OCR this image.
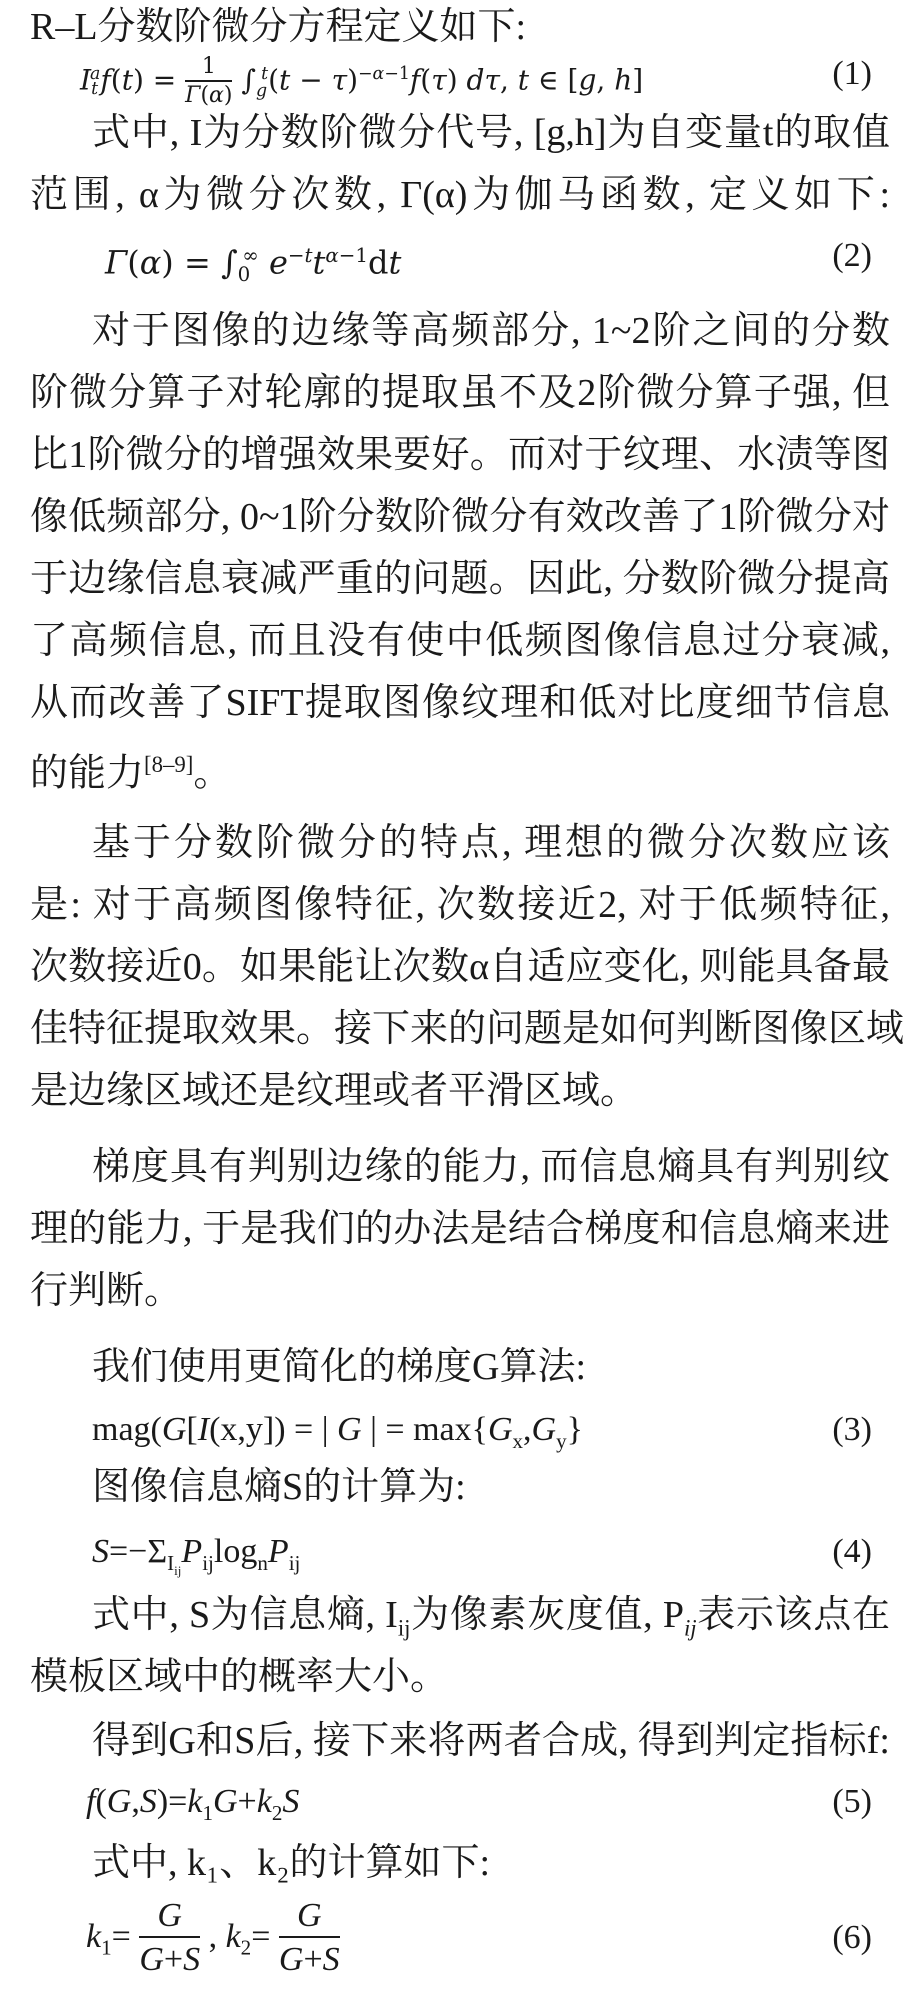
R–L分数阶微分方程定义如下:
$I_t^af(t) = \frac{1}{\Gamma(\alpha)} \int_g^t(t - \tau)^{-\alpha-1}f(\tau)$ dτ, t ∈ [g, h]	(1)
式中, I为分数阶微分代号, [g,h]为自变量t的取值
范围, α为微分次数, Γ(α)为伽马函数, 定义如下:
$\Gamma(\alpha) = \int_0^\infty$ $e^{-t}t^{\alpha-1}dt$	(2)
对于图像的边缘等高频部分, 1~2阶之间的分数
阶微分算子对轮廓的提取虽不及2阶微分算子强, 但
比1阶微分的增强效果要好。而对于纹理、水渍等图
像低频部分, 0~1阶分数阶微分有效改善了1阶微分对
于边缘信息衰减严重的问题。因此, 分数阶微分提高
了高频信息, 而且没有使中低频图像信息过分衰减,
从而改善了SIFT提取图像纹理和低对比度细节信息
的能力[8–9]。
基于分数阶微分的特点, 理想的微分次数应该
是: 对于高频图像特征, 次数接近2, 对于低频特征,
次数接近0。如果能让次数α自适应变化, 则能具备最
佳特征提取效果。接下来的问题是如何判断图像区域
是边缘区域还是纹理或者平滑区域。
梯度具有判别边缘的能力, 而信息熵具有判别纹
理的能力, 于是我们的办法是结合梯度和信息熵来进
行判断。
我们使用更简化的梯度G算法:
mag(G[I(x,y]) = | G | = $\max\{G_x,G_y\}$	(3)
图像信息熵S的计算为:
$S=-\Sigma_{I_{ij}}P_{ij}\log_nP_{ij}$	(4)
式中, S为信息熵, $I_{ij}$为像素灰度值, $P_{ij}$表示该点在
模板区域中的概率大小。
得到G和S后, 接下来将两者合成, 得到判定指标f:
$f(G,S)=k_1G+k_2S$	(5)
式中, k₁、k₂的计算如下:
$k_1= \frac{G}{G+S}$ , $k_2= \frac{G}{G+S}$	(6)
